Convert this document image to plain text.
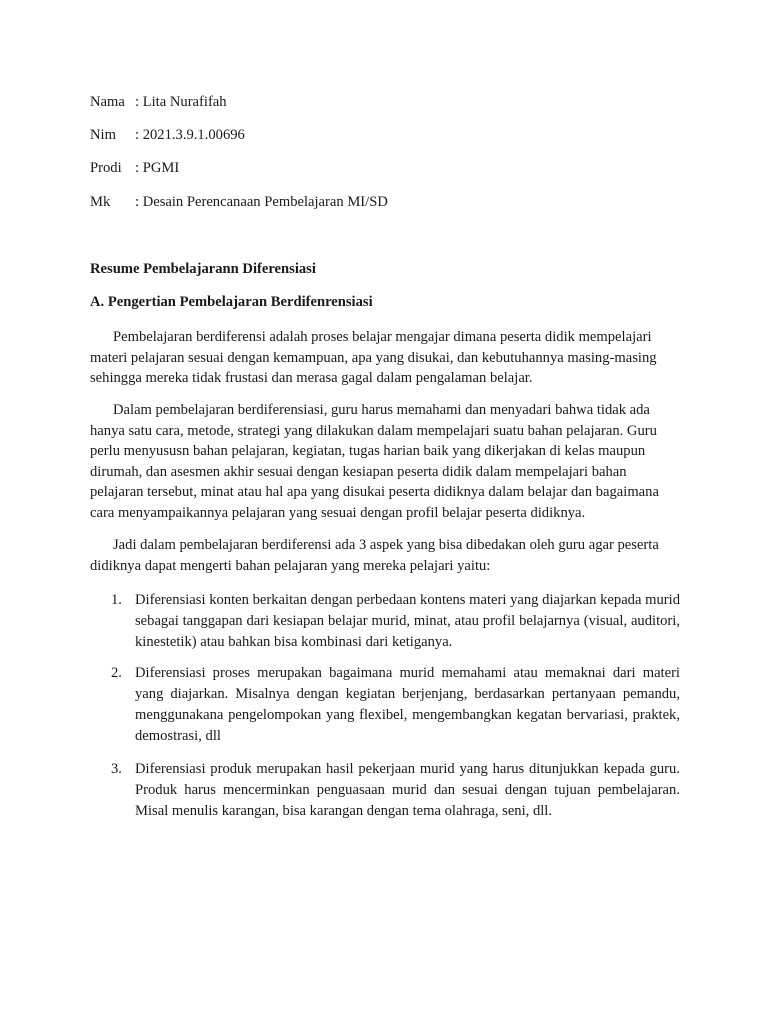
Nama : Lita Nurafifah
Nim : 2021.3.9.1.00696
Prodi : PGMI
Mk : Desain Perencanaan Pembelajaran MI/SD
Resume Pembelajarann Diferensiasi
A. Pengertian Pembelajaran Berdifenrensiasi

Pembelajaran berdiferensi adalah proses belajar mengajar dimana peserta didik mempelajari materi pelajaran sesuai dengan kemampuan, apa yang disukai, dan kebutuhannya masing-masing sehingga mereka tidak frustasi dan merasa gagal dalam pengalaman belajar.

Dalam pembelajaran berdiferensiasi, guru harus memahami dan menyadari bahwa tidak ada hanya satu cara, metode, strategi yang dilakukan dalam mempelajari suatu bahan pelajaran. Guru perlu menyususn bahan pelajaran, kegiatan, tugas harian baik yang dikerjakan di kelas maupun dirumah, dan asesmen akhir sesuai dengan kesiapan peserta didik dalam mempelajari bahan pelajaran tersebut, minat atau hal apa yang disukai peserta didiknya dalam belajar dan bagaimana cara menyampaikannya pelajaran yang sesuai dengan profil belajar peserta didiknya.

Jadi dalam pembelajaran berdiferensi ada 3 aspek yang bisa dibedakan oleh guru agar peserta didiknya dapat mengerti bahan pelajaran yang mereka pelajari yaitu:

1. Diferensiasi konten berkaitan dengan perbedaan kontens materi yang diajarkan kepada murid sebagai tanggapan dari kesiapan belajar murid, minat, atau profil belajarnya (visual, auditori, kinestetik) atau bahkan bisa kombinasi dari ketiganya.
2. Diferensiasi proses merupakan bagaimana murid memahami atau memaknai dari materi yang diajarkan. Misalnya dengan kegiatan berjenjang, berdasarkan pertanyaan pemandu, menggunakana pengelompokan yang flexibel, mengembangkan kegatan bervariasi, praktek, demostrasi, dll
3. Diferensiasi produk merupakan hasil pekerjaan murid yang harus ditunjukkan kepada guru. Produk harus mencerminkan penguasaan murid dan sesuai dengan tujuan pembelajaran. Misal menulis karangan, bisa karangan dengan tema olahraga, seni, dll.
